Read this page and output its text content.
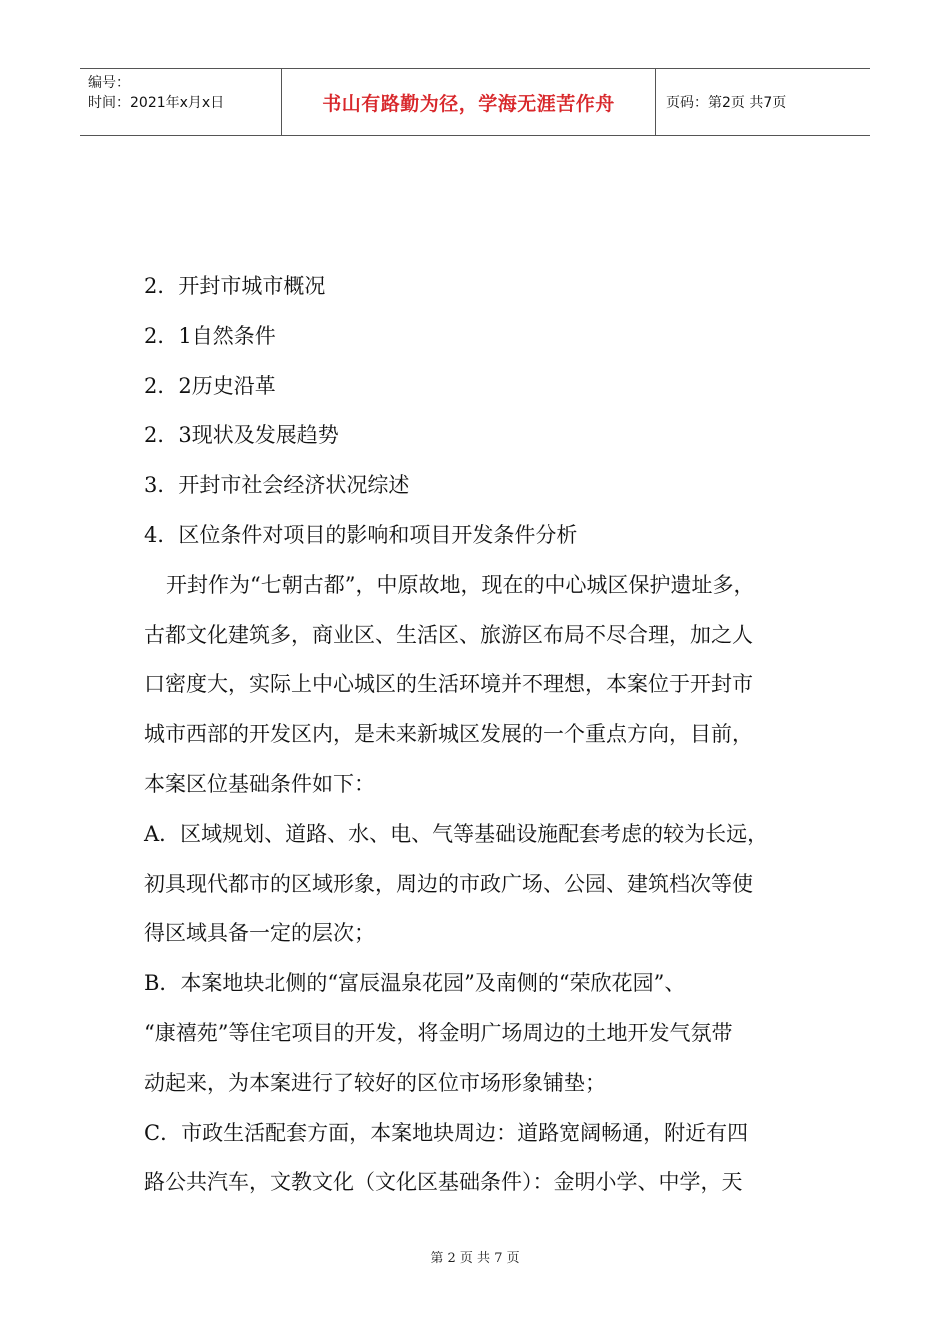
编号：
时间：2021年x月x日	书山有路勤为径，学海无涯苦作舟	页码：第2页 共7页

2．开封市城市概况

2．1自然条件

2．2历史沿革

2．3现状及发展趋势

3．开封市社会经济状况综述

4．区位条件对项目的影响和项目开发条件分析

开封作为“七朝古都”，中原故地，现在的中心城区保护遗址多，

古都文化建筑多，商业区、生活区、旅游区布局不尽合理，加之人

口密度大，实际上中心城区的生活环境并不理想，本案位于开封市

城市西部的开发区内，是未来新城区发展的一个重点方向，目前，

本案区位基础条件如下：

A．区域规划、道路、水、电、气等基础设施配套考虑的较为长远，

初具现代都市的区域形象，周边的市政广场、公园、建筑档次等使

得区域具备一定的层次；

B．本案地块北侧的“富辰温泉花园”及南侧的“荣欣花园”、

“康禧苑”等住宅项目的开发，将金明广场周边的土地开发气氛带

动起来，为本案进行了较好的区位市场形象铺垫；

C．市政生活配套方面，本案地块周边：道路宽阔畅通，附近有四

路公共汽车，文教文化（文化区基础条件）：金明小学、中学，天

第 2 页 共 7 页
